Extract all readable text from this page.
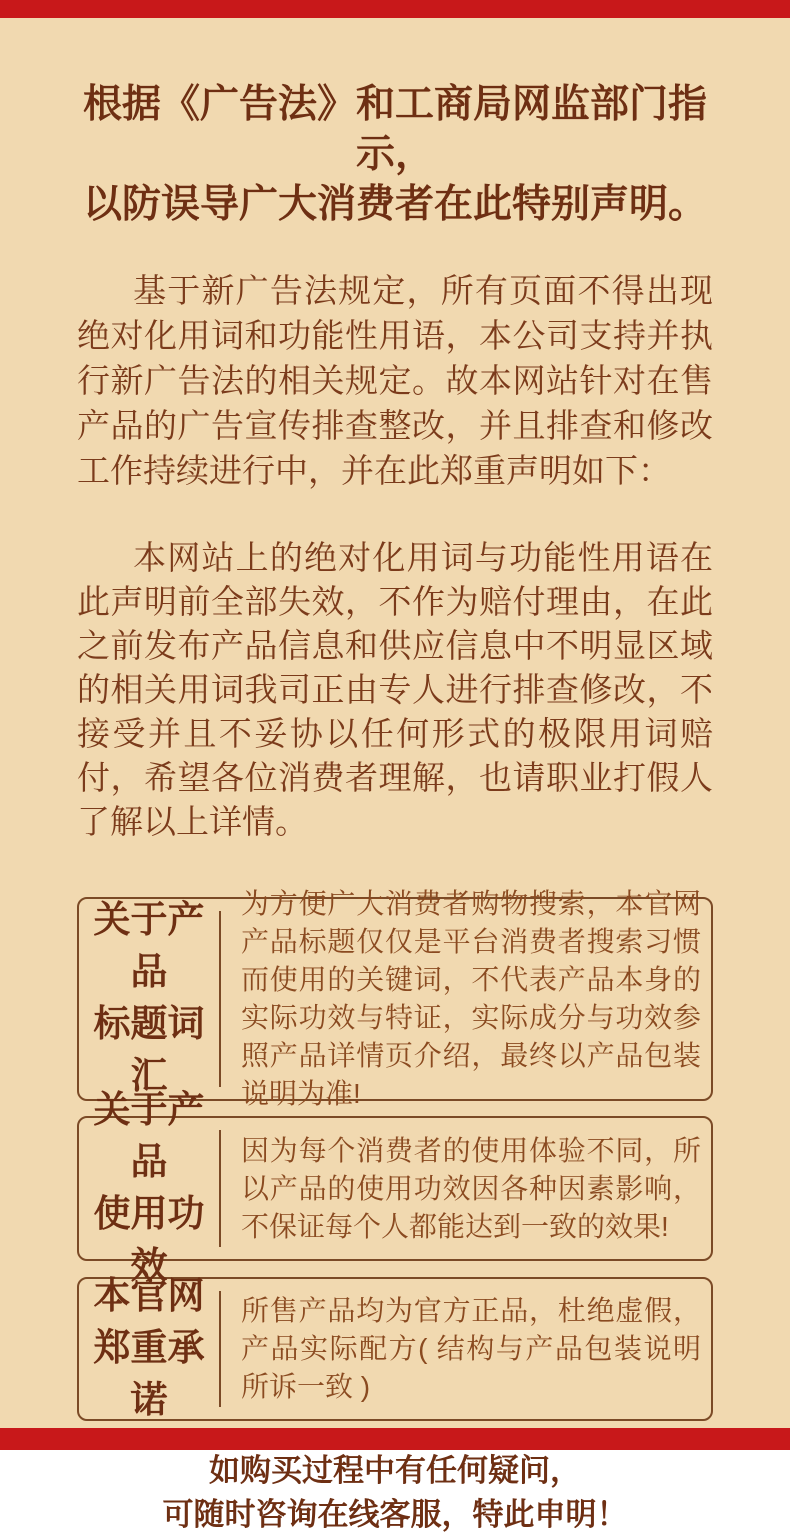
根据《广告法》和工商局网监部门指示，
以防误导广大消费者在此特别声明。

基于新广告法规定，所有页面不得出现绝对化用词和功能性用语，本公司支持并执行新广告法的相关规定。故本网站针对在售产品的广告宣传排查整改，并且排查和修改工作持续进行中，并在此郑重声明如下：

本网站上的绝对化用词与功能性用语在此声明前全部失效，不作为赔付理由，在此之前发布产品信息和供应信息中不明显区域的相关用词我司正由专人进行排查修改，不接受并且不妥协以任何形式的极限用词赔付，希望各位消费者理解，也请职业打假人了解以上详情。

关于产品
标题词汇
为方便广大消费者购物搜索，本官网产品标题仅仅是平台消费者搜索习惯而使用的关键词，不代表产品本身的实际功效与特证，实际成分与功效参照产品详情页介绍，最终以产品包装说明为准!
关于产品
使用功效
因为每个消费者的使用体验不同，所以产品的使用功效因各种因素影响，不保证每个人都能达到一致的效果!
本官网
郑重承诺
所售产品均为官方正品，杜绝虚假，产品实际配方( 结构与产品包装说明所诉一致 )
如购买过程中有任何疑问，
可随时咨询在线客服，特此申明！
